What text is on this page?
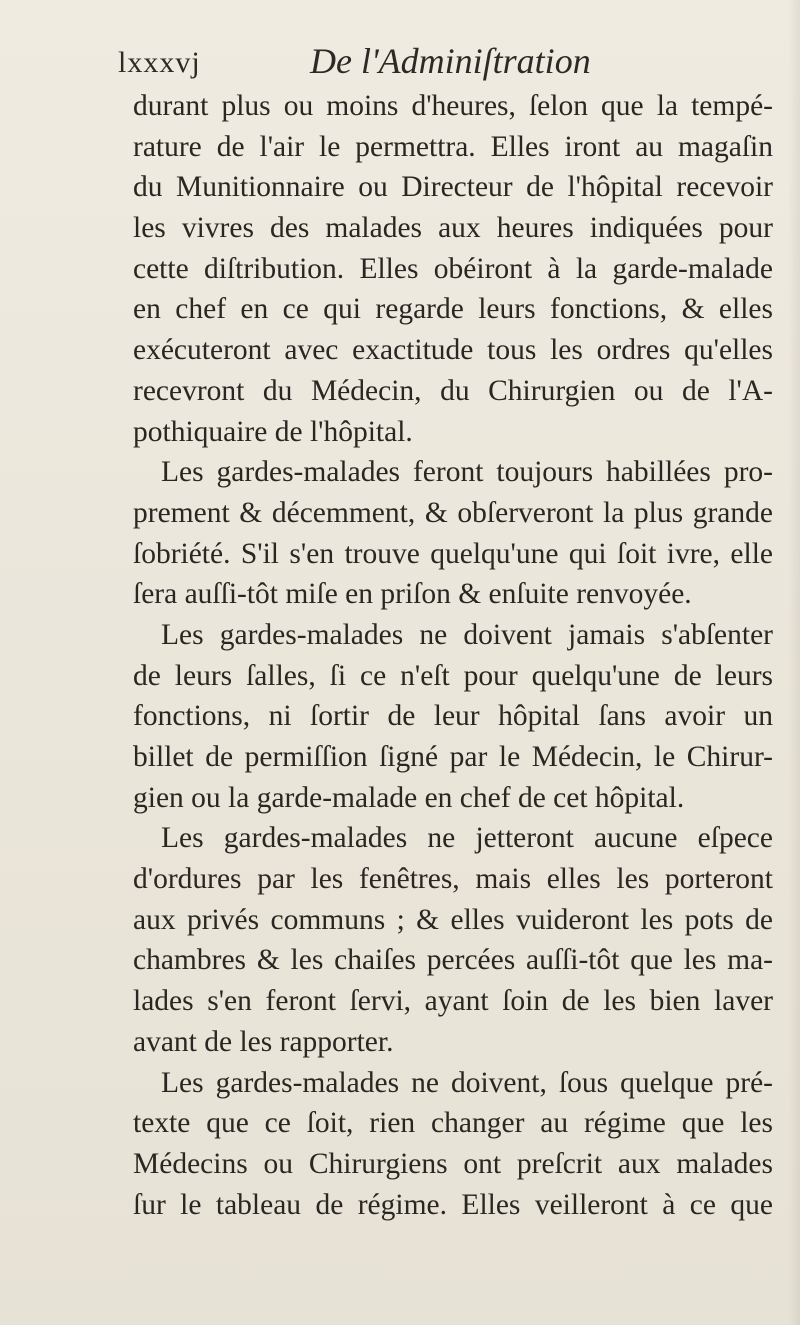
lxxxvj	De l'Adminiſtration
durant plus ou moins d'heures, ſelon que la tempé-
rature de l'air le permettra. Elles iront au magaſin
du Munitionnaire ou Directeur de l'hôpital recevoir
les vivres des malades aux heures indiquées pour
cette diſtribution. Elles obéiront à la garde-malade
en chef en ce qui regarde leurs fonctions, & elles
exécuteront avec exactitude tous les ordres qu'elles
recevront du Médecin, du Chirurgien ou de l'A-
pothiquaire de l'hôpital.
Les gardes-malades feront toujours habillées pro-
prement & décemment, & obſerveront la plus grande
ſobriété. S'il s'en trouve quelqu'une qui ſoit ivre, elle
ſera auſſi-tôt miſe en priſon & enſuite renvoyée.
Les gardes-malades ne doivent jamais s'abſenter
de leurs ſalles, ſi ce n'eſt pour quelqu'une de leurs
fonctions, ni ſortir de leur hôpital ſans avoir un
billet de permiſſion ſigné par le Médecin, le Chirur-
gien ou la garde-malade en chef de cet hôpital.
Les gardes-malades ne jetteront aucune eſpece
d'ordures par les fenêtres, mais elles les porteront
aux privés communs ; & elles vuideront les pots de
chambres & les chaiſes percées auſſi-tôt que les ma-
lades s'en feront ſervi, ayant ſoin de les bien laver
avant de les rapporter.
Les gardes-malades ne doivent, ſous quelque pré-
texte que ce ſoit, rien changer au régime que les
Médecins ou Chirurgiens ont preſcrit aux malades
ſur le tableau de régime. Elles veilleront à ce que
